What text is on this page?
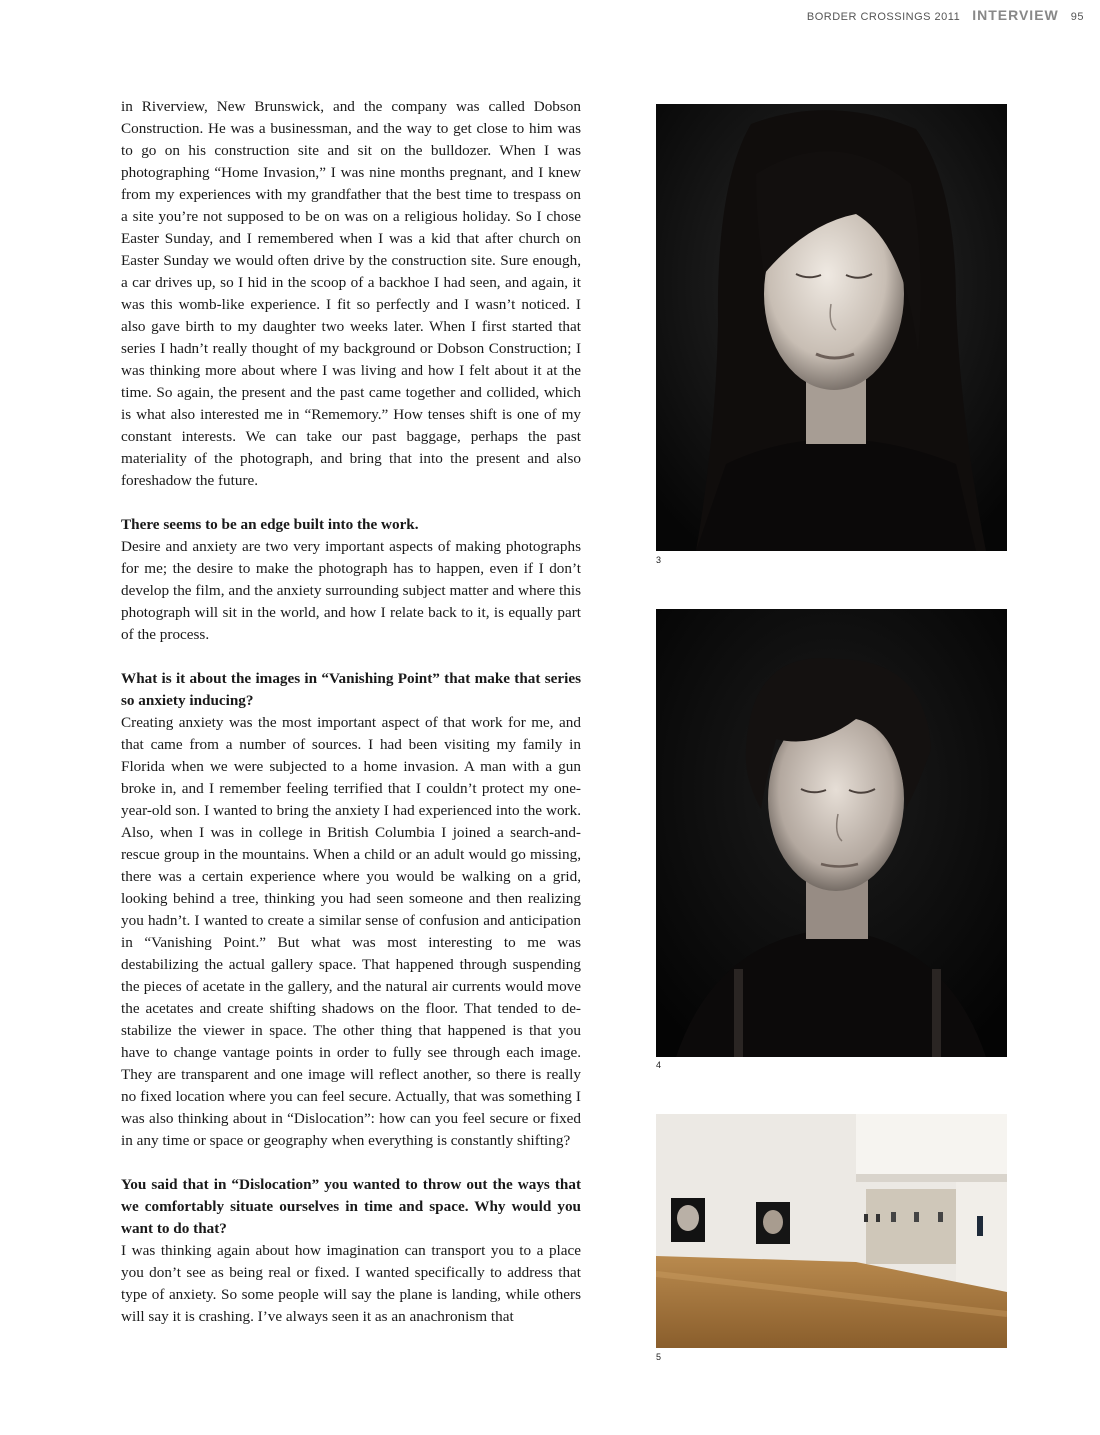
BORDER CROSSINGS 2011 INTERVIEW 95

in Riverview, New Brunswick, and the company was called Dobson Construction. He was a businessman, and the way to get close to him was to go on his construction site and sit on the bulldozer. When I was photographing “Home Invasion,” I was nine months pregnant, and I knew from my experiences with my grandfather that the best time to trespass on a site you’re not supposed to be on was on a religious holiday. So I chose Easter Sunday, and I remembered when I was a kid that after church on Easter Sunday we would often drive by the construction site. Sure enough, a car drives up, so I hid in the scoop of a backhoe I had seen, and again, it was this womb-like experience. I fit so perfectly and I wasn’t noticed. I also gave birth to my daughter two weeks later. When I first started that series I hadn’t really thought of my background or Dobson Construction; I was thinking more about where I was living and how I felt about it at the time. So again, the present and the past came together and collided, which is what also interested me in “Rememory.” How tenses shift is one of my constant interests. We can take our past baggage, perhaps the past materiality of the photograph, and bring that into the present and also foreshadow the future.

There seems to be an edge built into the work.

Desire and anxiety are two very important aspects of making photographs for me; the desire to make the photograph has to happen, even if I don’t develop the film, and the anxiety surrounding subject matter and where this photograph will sit in the world, and how I relate back to it, is equally part of the process.

What is it about the images in “Vanishing Point” that make that series so anxiety inducing?

Creating anxiety was the most important aspect of that work for me, and that came from a number of sources. I had been visiting my family in Florida when we were subjected to a home invasion. A man with a gun broke in, and I remember feeling terrified that I couldn’t protect my one-year-old son. I wanted to bring the anxiety I had experienced into the work. Also, when I was in college in British Columbia I joined a search-and-rescue group in the mountains. When a child or an adult would go missing, there was a certain experience where you would be walking on a grid, looking behind a tree, thinking you had seen someone and then realizing you hadn’t. I wanted to create a similar sense of confusion and anticipation in “Vanishing Point.” But what was most interesting to me was destabilizing the actual gallery space. That happened through suspending the pieces of acetate in the gallery, and the natural air currents would move the acetates and create shifting shadows on the floor. That tended to de-stabilize the viewer in space. The other thing that happened is that you have to change vantage points in order to fully see through each image. They are transparent and one image will reflect another, so there is really no fixed location where you can feel secure. Actually, that was something I was also thinking about in “Dislocation”: how can you feel secure or fixed in any time or space or geography when everything is constantly shifting?

You said that in “Dislocation” you wanted to throw out the ways that we comfortably situate ourselves in time and space. Why would you want to do that?

I was thinking again about how imagination can transport you to a place you don’t see as being real or fixed. I wanted specifically to address that type of anxiety. So some people will say the plane is landing, while others will say it is crashing. I’ve always seen it as an anachronism that

3
4
5
